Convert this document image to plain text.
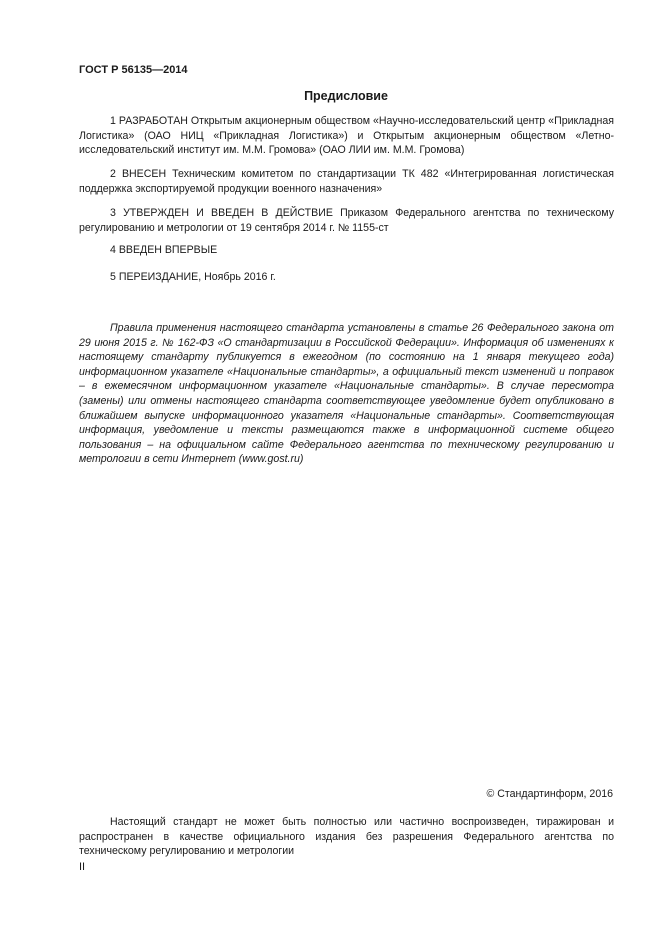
ГОСТ Р 56135—2014
Предисловие
1 РАЗРАБОТАН Открытым акционерным обществом «Научно-исследовательский центр «Прикладная Логистика» (ОАО НИЦ «Прикладная Логистика») и Открытым акционерным обществом «Летно-исследовательский институт им. М.М. Громова» (ОАО ЛИИ им. М.М. Громова)
2 ВНЕСЕН Техническим комитетом по стандартизации ТК 482 «Интегрированная логистическая поддержка экспортируемой продукции военного назначения»
3 УТВЕРЖДЕН И ВВЕДЕН В ДЕЙСТВИЕ Приказом Федерального агентства по техническому регулированию и метрологии от 19 сентября 2014 г. № 1155-ст
4 ВВЕДЕН ВПЕРВЫЕ
5 ПЕРЕИЗДАНИЕ, Ноябрь 2016 г.
Правила применения настоящего стандарта установлены в статье 26 Федерального закона от 29 июня 2015 г. № 162-ФЗ «О стандартизации в Российской Федерации». Информация об изменениях к настоящему стандарту публикуется в ежегодном (по состоянию на 1 января текущего года) информационном указателе «Национальные стандарты», а официальный текст изменений и поправок – в ежемесячном информационном указателе «Национальные стандарты». В случае пересмотра (замены) или отмены настоящего стандарта соответствующее уведомление будет опубликовано в ближайшем выпуске информационного указателя «Национальные стандарты». Соответствующая информация, уведомление и тексты размещаются также в информационной системе общего пользования – на официальном сайте Федерального агентства по техническому регулированию и метрологии в сети Интернет (www.gost.ru)
© Стандартинформ, 2016
Настоящий стандарт не может быть полностью или частично воспроизведен, тиражирован и распространен в качестве официального издания без разрешения Федерального агентства по техническому регулированию и метрологии
II
